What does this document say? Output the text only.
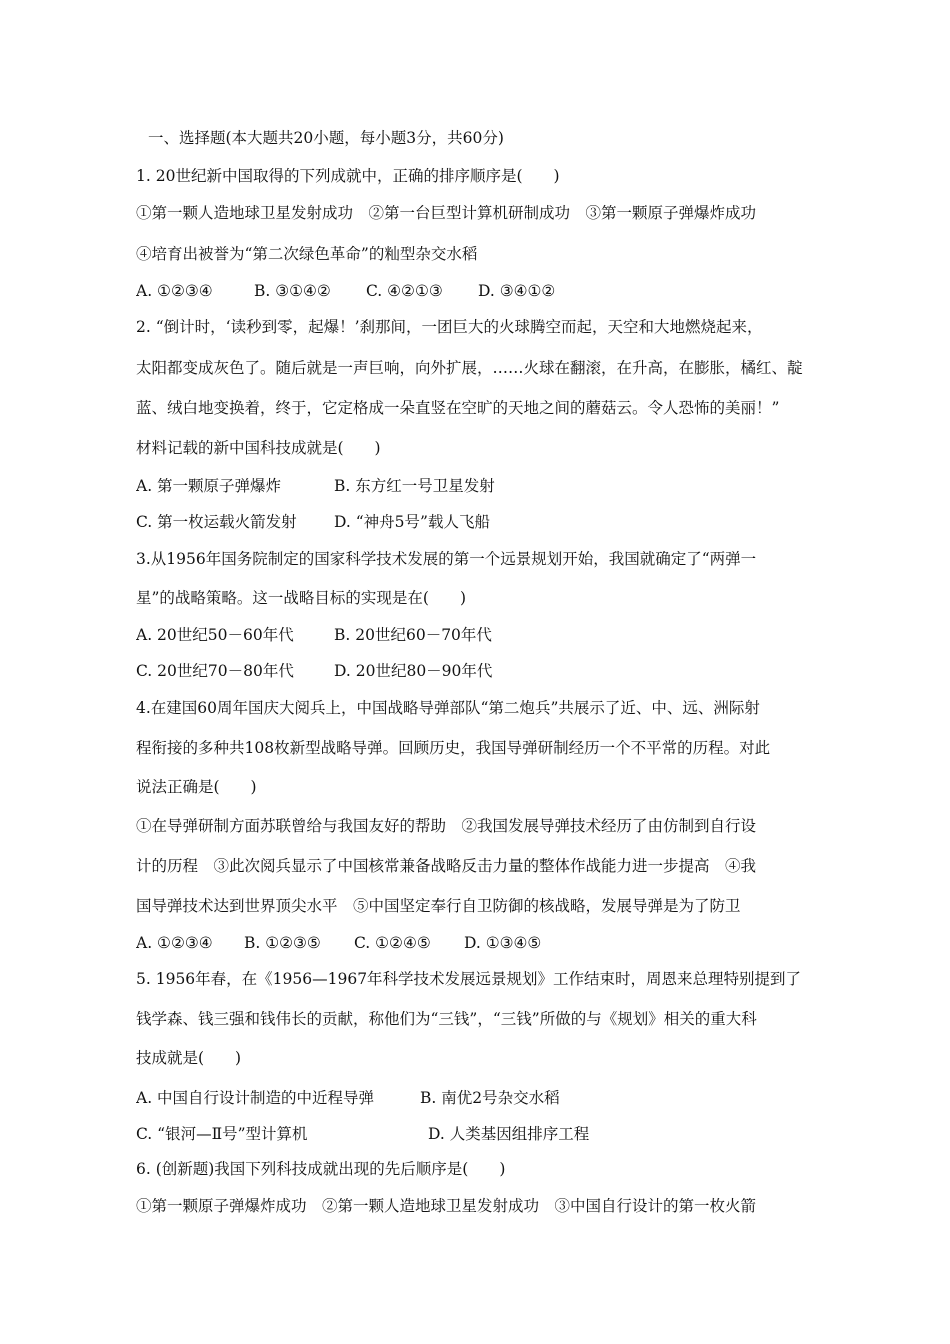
一、选择题(本大题共20小题，每小题3分，共60分)
1. 20世纪新中国取得的下列成就中，正确的排序顺序是(　　)
①第一颗人造地球卫星发射成功　②第一台巨型计算机研制成功　③第一颗原子弹爆炸成功
④培育出被誉为“第二次绿色革命”的籼型杂交水稻
A. ①②③④	B. ③①④② C. ④②①③ D. ③④①②
2. “倒计时，‘读秒到零，起爆！’刹那间，一团巨大的火球腾空而起，天空和大地燃烧起来，
太阳都变成灰色了。随后就是一声巨响，向外扩展，……火球在翻滚，在升高，在膨胀，橘红、靛
蓝、绒白地变换着，终于，它定格成一朵直竖在空旷的天地之间的蘑菇云。令人恐怖的美丽！”
材料记载的新中国科技成就是(　　)
A. 第一颗原子弹爆炸	B. 东方红一号卫星发射
C. 第一枚运载火箭发射 D. “神舟5号”载人飞船
3.从1956年国务院制定的国家科学技术发展的第一个远景规划开始，我国就确定了“两弹一
星”的战略策略。这一战略目标的实现是在(　　)
A. 20世纪50－60年代	B. 20世纪60－70年代
C. 20世纪70－80年代	D. 20世纪80－90年代
4.在建国60周年国庆大阅兵上，中国战略导弹部队“第二炮兵”共展示了近、中、远、洲际射
程衔接的多种共108枚新型战略导弹。回顾历史，我国导弹研制经历一个不平常的历程。对此
说法正确是(　　)
①在导弹研制方面苏联曾给与我国友好的帮助　②我国发展导弹技术经历了由仿制到自行设
计的历程　③此次阅兵显示了中国核常兼备战略反击力量的整体作战能力进一步提高　④我
国导弹技术达到世界顶尖水平　⑤中国坚定奉行自卫防御的核战略，发展导弹是为了防卫
A. ①②③④ B. ①②③⑤ C. ①②④⑤ D. ①③④⑤
5. 1956年春，在《1956—1967年科学技术发展远景规划》工作结束时，周恩来总理特别提到了
钱学森、钱三强和钱伟长的贡献，称他们为“三钱”，“三钱”所做的与《规划》相关的重大科
技成就是(　　)
A. 中国自行设计制造的中近程导弹	B. 南优2号杂交水稻
C. “银河—Ⅱ号”型计算机	D. 人类基因组排序工程
6. (创新题)我国下列科技成就出现的先后顺序是(　　)
①第一颗原子弹爆炸成功　②第一颗人造地球卫星发射成功　③中国自行设计的第一枚火箭
